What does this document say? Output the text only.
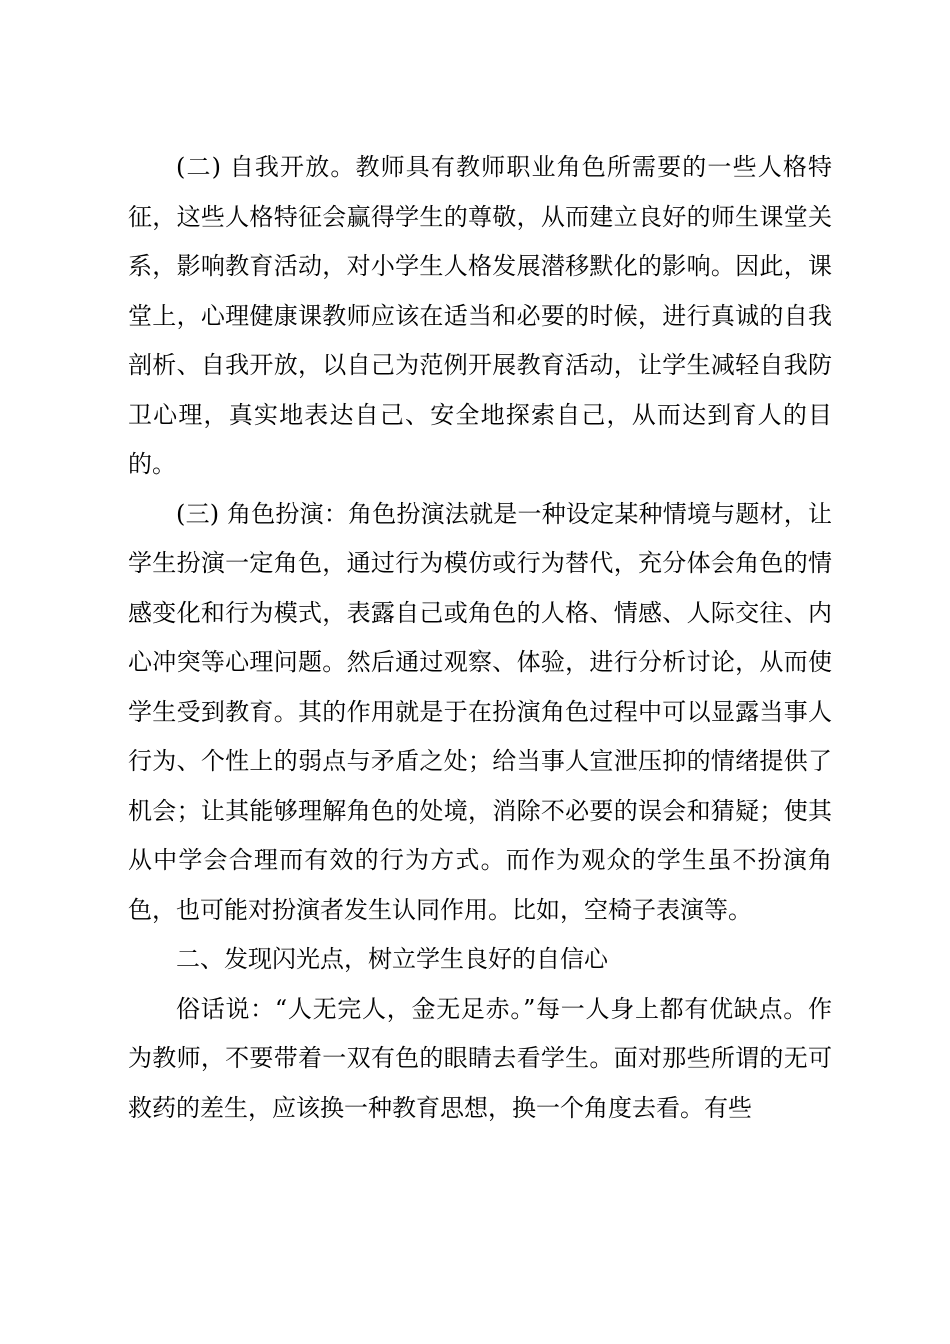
(二) 自我开放。教师具有教师职业角色所需要的一些人格特征，这些人格特征会赢得学生的尊敬，从而建立良好的师生课堂关系，影响教育活动，对小学生人格发展潜移默化的影响。因此，课堂上，心理健康课教师应该在适当和必要的时候，进行真诚的自我剖析、自我开放，以自己为范例开展教育活动，让学生减轻自我防卫心理，真实地表达自己、安全地探索自己，从而达到育人的目的。

(三) 角色扮演：角色扮演法就是一种设定某种情境与题材，让学生扮演一定角色，通过行为模仿或行为替代，充分体会角色的情感变化和行为模式，表露自己或角色的人格、情感、人际交往、内心冲突等心理问题。然后通过观察、体验，进行分析讨论，从而使学生受到教育。其的作用就是于在扮演角色过程中可以显露当事人行为、个性上的弱点与矛盾之处；给当事人宣泄压抑的情绪提供了机会；让其能够理解角色的处境，消除不必要的误会和猜疑；使其从中学会合理而有效的行为方式。而作为观众的学生虽不扮演角色，也可能对扮演者发生认同作用。比如，空椅子表演等。

二、发现闪光点，树立学生良好的自信心

俗话说：“人无完人，金无足赤。”每一人身上都有优缺点。作为教师，不要带着一双有色的眼睛去看学生。面对那些所谓的无可救药的差生，应该换一种教育思想，换一个角度去看。有些
